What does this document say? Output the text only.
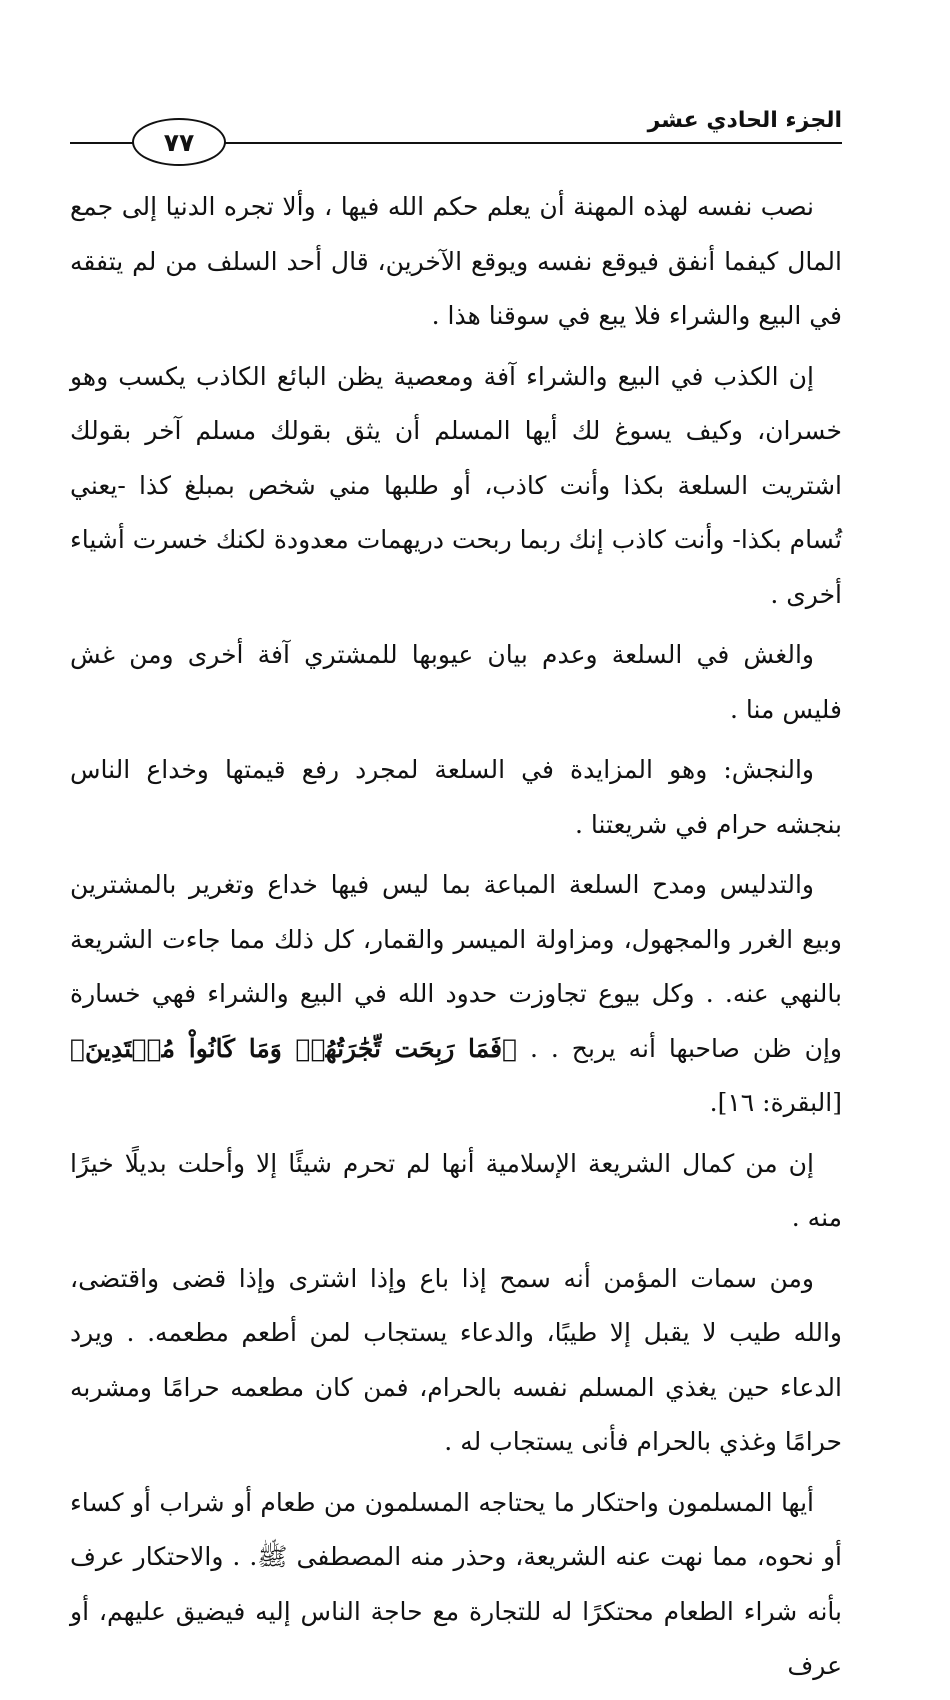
الجزء الحادي عشر
٧٧

نصب نفسه لهذه المهنة أن يعلم حكم الله فيها ، وألا تجره الدنيا إلى جمع المال كيفما أنفق فيوقع نفسه ويوقع الآخرين، قال أحد السلف من لم يتفقه في البيع والشراء فلا يبع في سوقنا هذا .

إن الكذب في البيع والشراء آفة ومعصية يظن البائع الكاذب يكسب وهو خسران، وكيف يسوغ لك أيها المسلم أن يثق بقولك مسلم آخر بقولك اشتريت السلعة بكذا وأنت كاذب، أو طلبها مني شخص بمبلغ كذا -يعني تُسام بكذا- وأنت كاذب إنك ربما ربحت دريهمات معدودة لكنك خسرت أشياء أخرى .

والغش في السلعة وعدم بيان عيوبها للمشتري آفة أخرى ومن غش فليس منا .

والنجش: وهو المزايدة في السلعة لمجرد رفع قيمتها وخداع الناس بنجشه حرام في شريعتنا .

والتدليس ومدح السلعة المباعة بما ليس فيها خداع وتغرير بالمشترين وبيع الغرر والمجهول، ومزاولة الميسر والقمار، كل ذلك مما جاءت الشريعة بالنهي عنه. . وكل بيوع تجاوزت حدود الله في البيع والشراء فهي خسارة وإن ظن صاحبها أنه يربح . . ﴿فَمَا رَبِحَت تِّجَٰرَتُهُمۡ وَمَا كَانُواْ مُهۡتَدِينَ﴾ [البقرة: ١٦].

إن من كمال الشريعة الإسلامية أنها لم تحرم شيئًا إلا وأحلت بديلًا خيرًا منه .

ومن سمات المؤمن أنه سمح إذا باع وإذا اشترى وإذا قضى واقتضى، والله طيب لا يقبل إلا طيبًا، والدعاء يستجاب لمن أطعم مطعمه. . ويرد الدعاء حين يغذي المسلم نفسه بالحرام، فمن كان مطعمه حرامًا ومشربه حرامًا وغذي بالحرام فأنى يستجاب له .

أيها المسلمون واحتكار ما يحتاجه المسلمون من طعام أو شراب أو كساء أو نحوه، مما نهت عنه الشريعة، وحذر منه المصطفى ﷺ. . والاحتكار عرف بأنه شراء الطعام محتكرًا له للتجارة مع حاجة الناس إليه فيضيق عليهم، أو عرف
